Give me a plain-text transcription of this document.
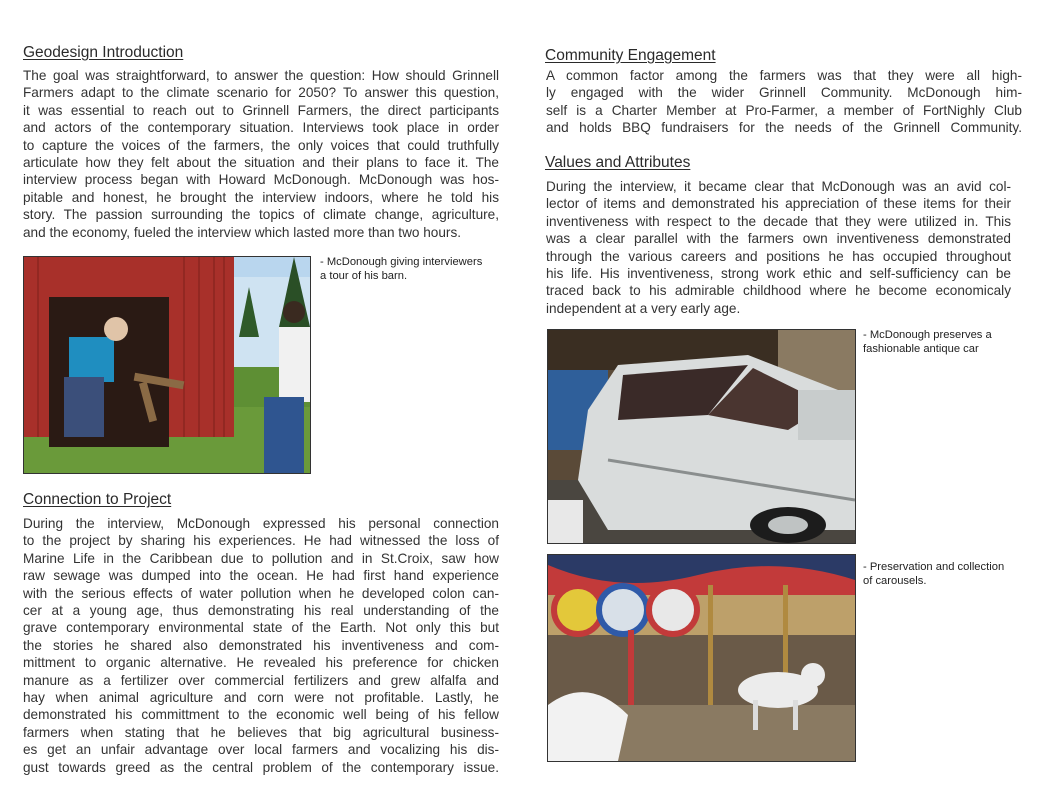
Geodesign Introduction
The goal was straightforward, to answer the question: How should Grinnell
Farmers adapt to the climate scenario for 2050? To answer this question,
it was essential to reach out to Grinnell Farmers, the direct participants
and actors of the contemporary situation. Interviews took place in order
to capture the voices of the farmers, the only voices that could truthfully
articulate how they felt about the situation and their plans to face it. The
interview process began with Howard McDonough. McDonough was hos-
pitable and honest, he brought the interview indoors, where he told his
story. The passion surrounding the topics of climate change, agriculture,
and the economy, fueled the interview which lasted more than two hours.
- McDonough giving interviewers
a tour of his barn.
Connection to Project
During the interview, McDonough expressed his personal connection
to the project by sharing his experiences. He had witnessed the loss of
Marine Life in the Caribbean due to pollution and in St.Croix, saw how
raw sewage was dumped into the ocean. He had first hand experience
with the serious effects of water pollution when he developed colon can-
cer at a young age, thus demonstrating his real understanding of the
grave contemporary environmental state of the Earth. Not only this but
the stories he shared also demonstrated his inventiveness and com-
mittment to organic alternative. He revealed his preference for chicken
manure as a fertilizer over commercial fertilizers and grew alfalfa and
hay when animal agriculture and corn were not profitable. Lastly, he
demonstrated his committment to the economic well being of his fellow
farmers when stating that he believes that big agricultural business-
es get an unfair advantage over local farmers and vocalizing his dis-
gust towards greed as the central problem of the contemporary issue.
Community Engagement
A common factor among the farmers was that they were all high-
ly engaged with the wider Grinnell Community. McDonough him-
self is a Charter Member at Pro-Farmer, a member of FortNighly Club
and holds BBQ fundraisers for the needs of the Grinnell Community.
Values and Attributes
During the interview, it became clear that McDonough was an avid col-
lector of items and demonstrated his appreciation of these items for their
inventiveness with respect to the decade that they were utilized in. This
was a clear parallel with the farmers own inventiveness demonstrated
through the various careers and positions he has occupied throughout
his life. His inventiveness, strong work ethic and self-sufficiency can be
traced back to his admirable childhood where he become economicaly
independent at a very early age.
- McDonough preserves a
fashionable antique car
- Preservation and collection
of carousels.
